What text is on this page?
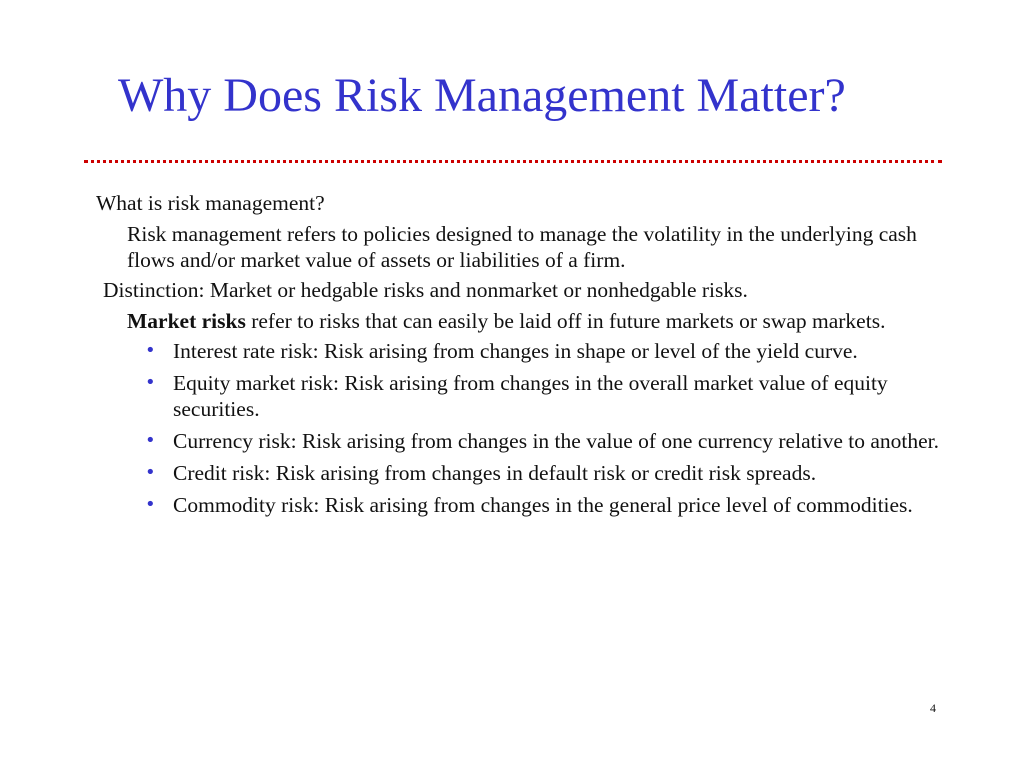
Why Does Risk Management Matter?

What is risk management?

Risk management refers to policies designed to manage the volatility in the underlying cash flows and/or market value of assets or liabilities of a firm.

Distinction: Market or hedgable risks and nonmarket or nonhedgable risks.

Market risks refer to risks that can easily be laid off in future markets or swap markets.

• Interest rate risk: Risk arising from changes in shape or level of the yield curve.
• Equity market risk: Risk arising from changes in the overall market value of equity securities.
• Currency risk: Risk arising from changes in the value of one currency relative to another.
• Credit risk: Risk arising from changes in default risk or credit risk spreads.
• Commodity risk: Risk arising from changes in the general price level of commodities.
4
